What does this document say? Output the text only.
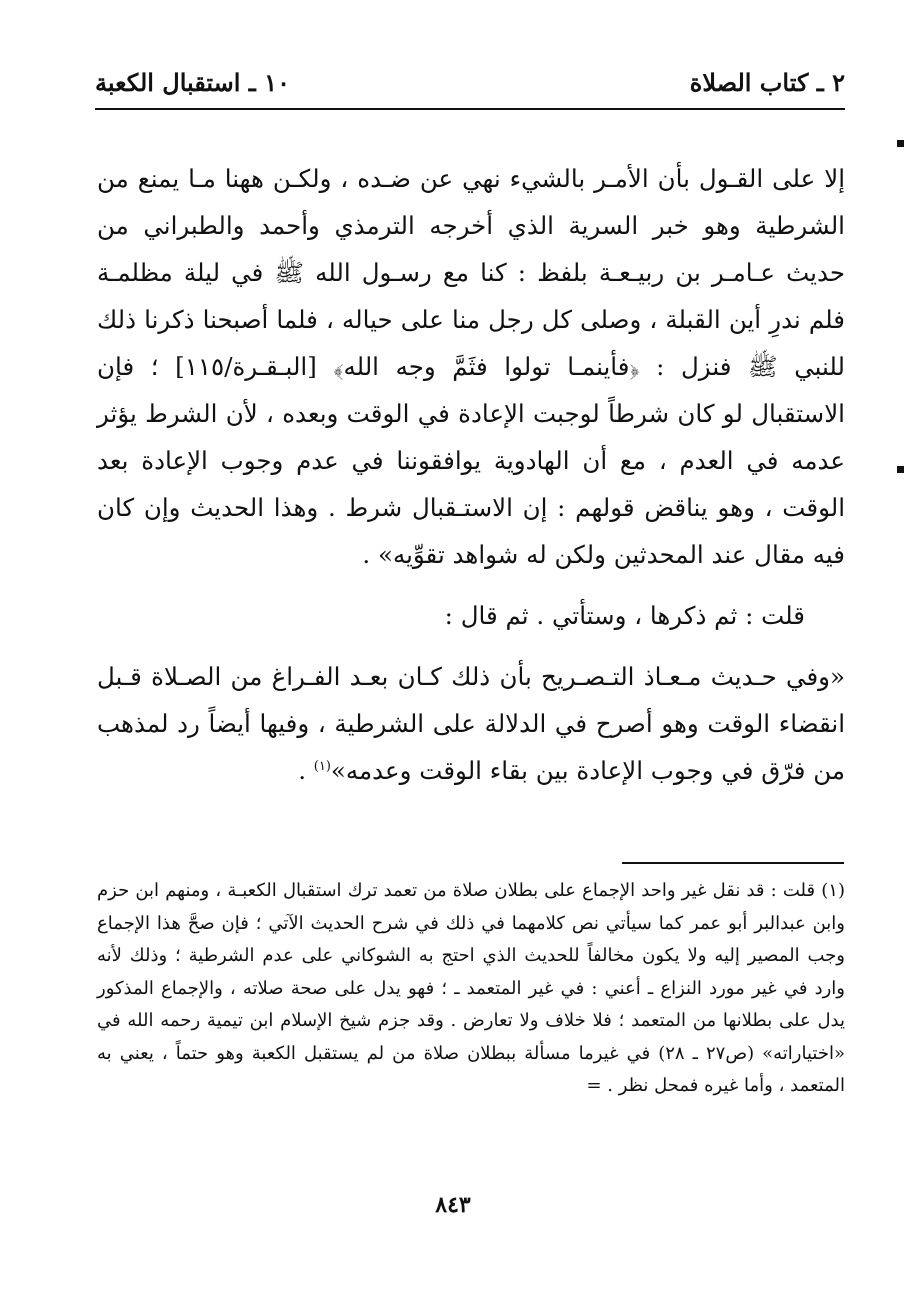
٢ ـ كتاب الصلاة
١٠ ـ استقبال الكعبة

إلا على القـول بأن الأمـر بالشيء نهي عن ضـده ، ولكـن ههنا مـا يمنع من الشرطية وهو خبر السرية الذي أخرجه الترمذي وأحمد والطبراني من حديث عـامـر بن ربيـعـة بلفظ : كنا مع رسـول الله ﷺ في ليلة مظلمـة فلم ندرِ أين القبلة ، وصلى كل رجل منا على حياله ، فلما أصبحنا ذكرنا ذلك للنبي ﷺ فنزل : ﴿فأينمـا تولوا فثَمَّ وجه الله﴾ [البـقـرة/١١٥] ؛ فإن الاستقبال لو كان شرطاً لوجبت الإعادة في الوقت وبعده ، لأن الشرط يؤثر عدمه في العدم ، مع أن الهادوية يوافقوننا في عدم وجوب الإعادة بعد الوقت ، وهو يناقض قولهم : إن الاستـقبال شرط . وهذا الحديث وإن كان فيه مقال عند المحدثين ولكن له شواهد تقوِّيه» .

قلت : ثم ذكرها ، وستأتي . ثم قال :

«وفي حـديث مـعـاذ التـصـريح بأن ذلك كـان بعـد الفـراغ من الصـلاة قـبل انقضاء الوقت وهو أصرح في الدلالة على الشرطية ، وفيها أيضاً رد لمذهب من فرّق في وجوب الإعادة بين بقاء الوقت وعدمه»$^{(١)}$ .

(١) قلت : قد نقل غير واحد الإجماع على بطلان صلاة من تعمد ترك استقبال الكعبـة ، ومنهم ابن حزم وابن عبدالبر أبو عمر كما سيأتي نص كلامهما في ذلك في شرح الحديث الآتي ؛ فإن صحَّ هذا الإجماع وجب المصير إليه ولا يكون مخالفاً للحديث الذي احتج به الشوكاني على عدم الشرطية ؛ وذلك لأنه وارد في غير مورد النزاع ـ أعني : في غير المتعمد ـ ؛ فهو يدل على صحة صلاته ، والإجماع المذكور يدل على بطلانها من المتعمد ؛ فلا خلاف ولا تعارض . وقد جزم شيخ الإسلام ابن تيمية رحمه الله في «اختياراته» (ص٢٧ ـ ٢٨) في غيرما مسألة ببطلان صلاة من لم يستقبل الكعبة وهو حتماً ، يعني به المتعمد ، وأما غيره فمحل نظر . =

٨٤٣
